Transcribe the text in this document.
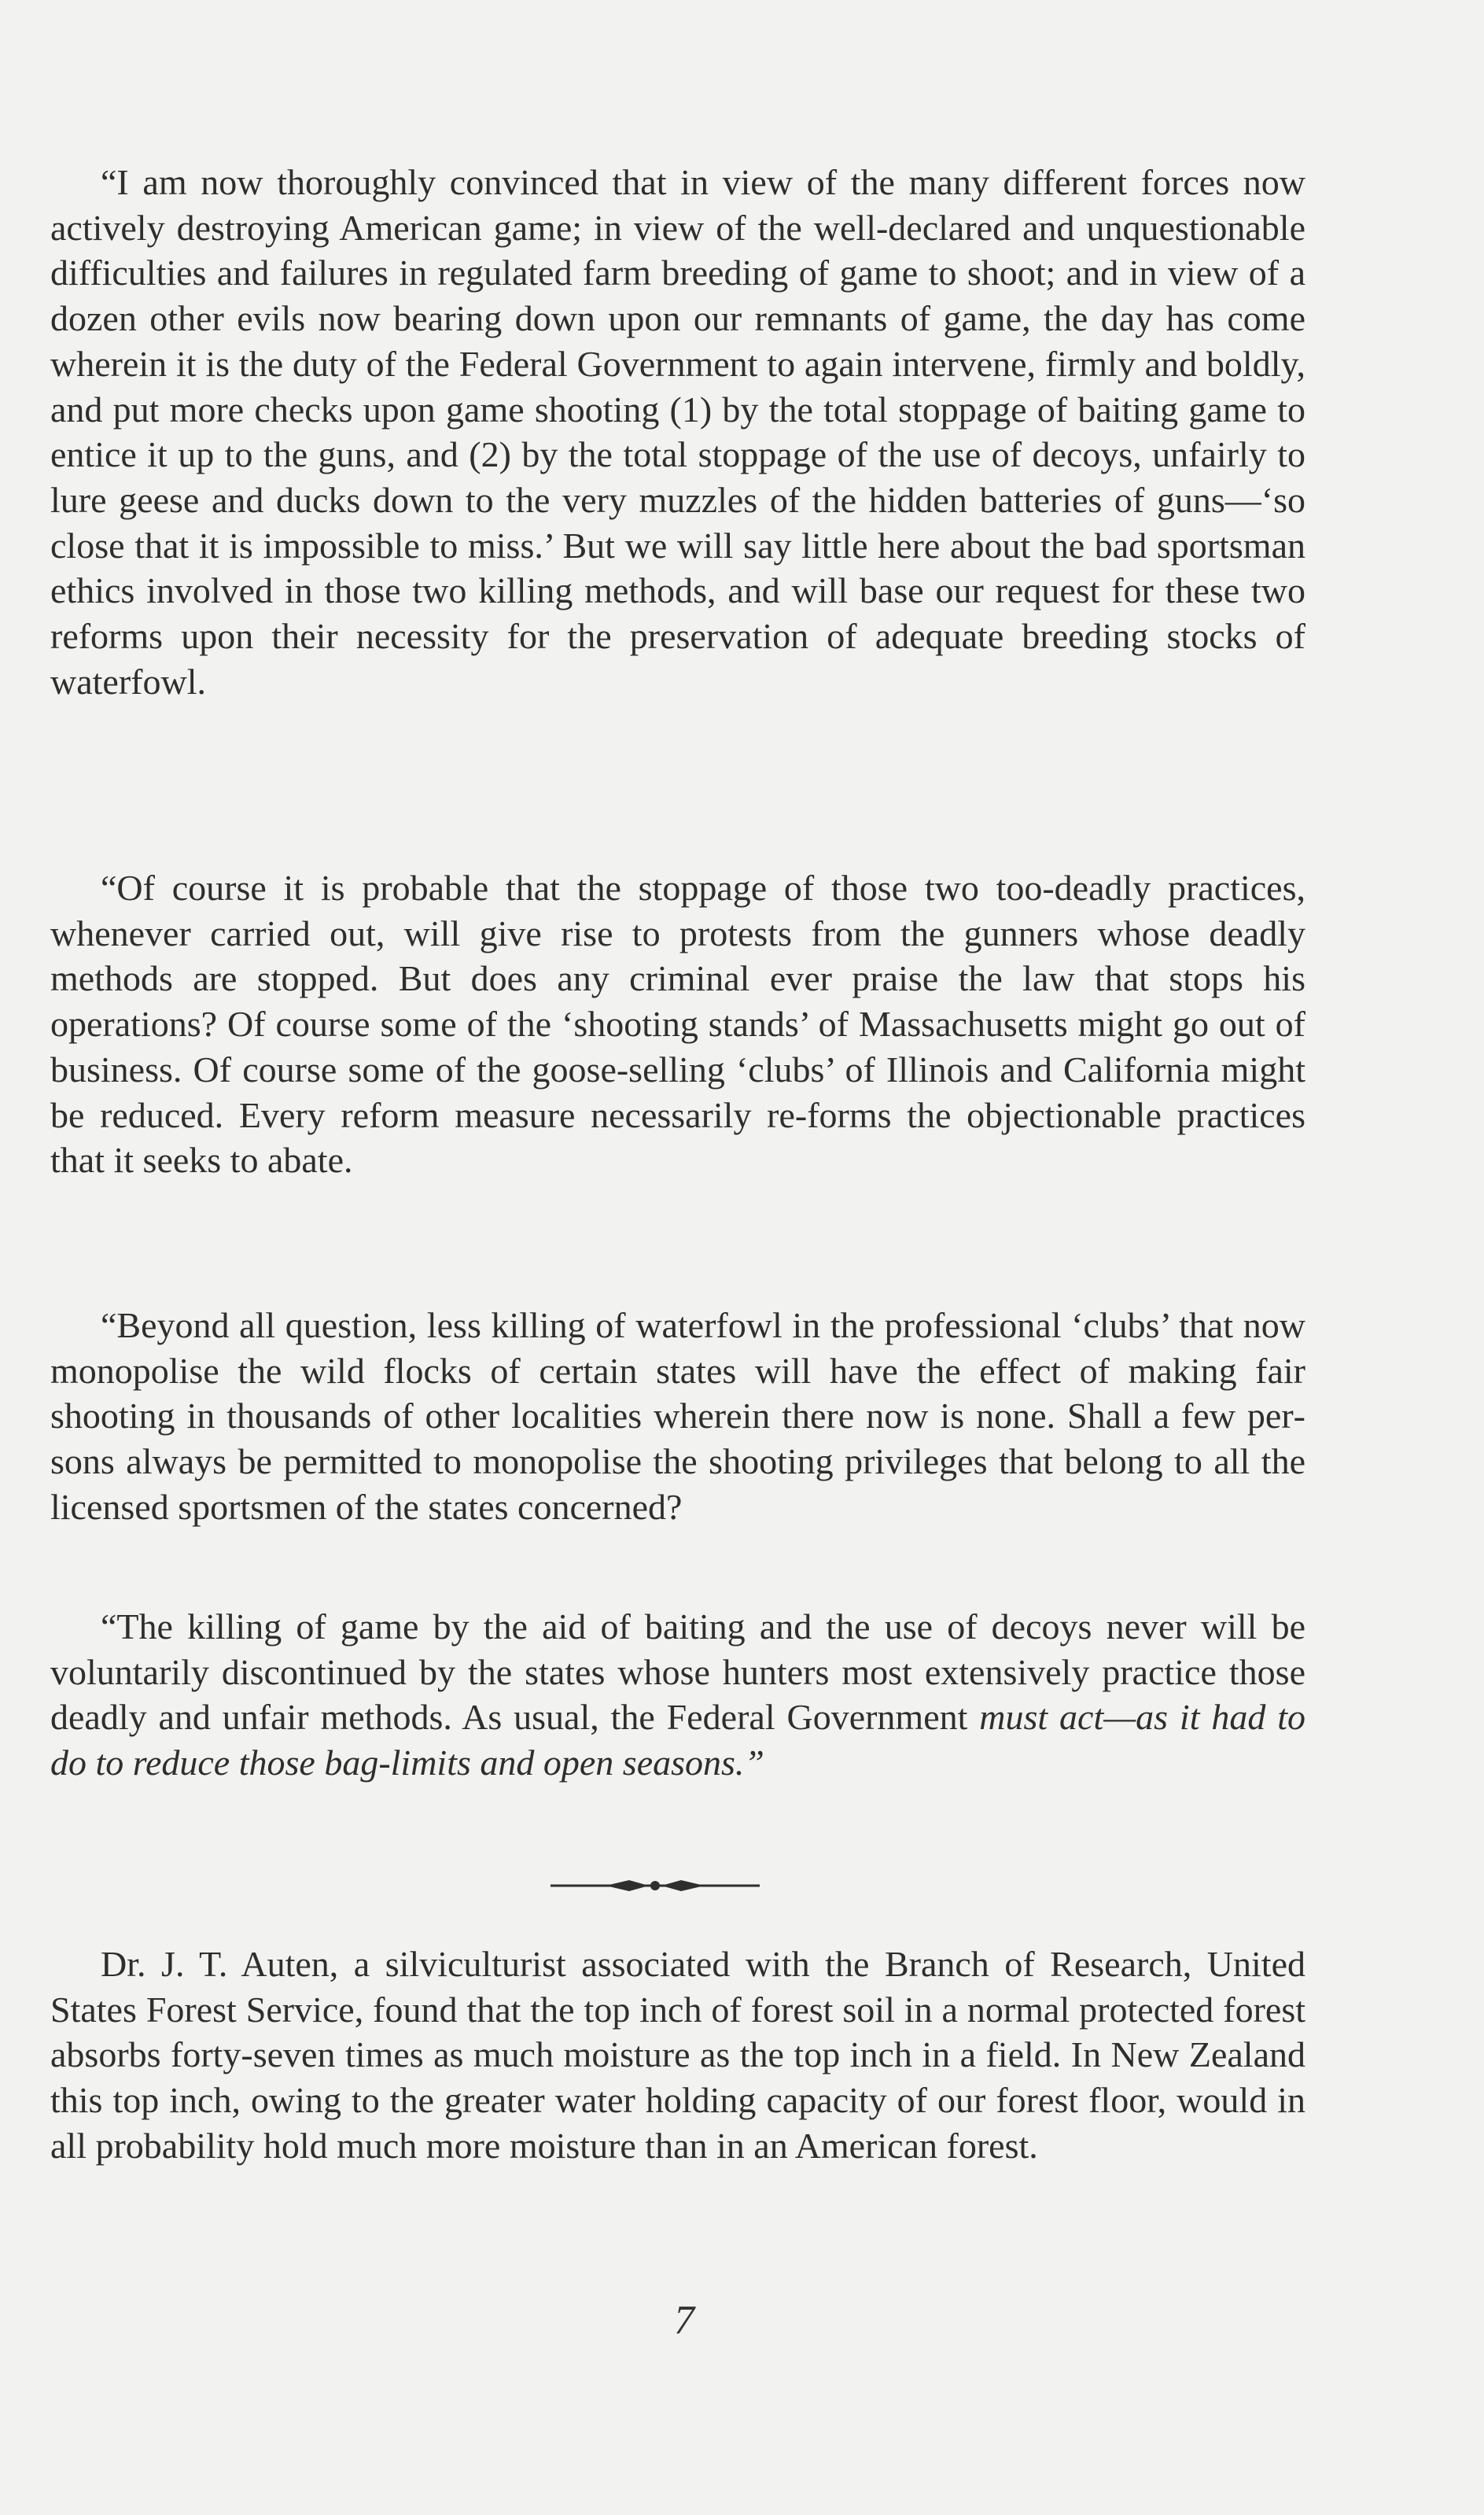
“I am now thoroughly convinced that in view of the many different forces now actively destroying American game; in view of the well-declared and unquestionable difficulties and failures in regulated farm breeding of game to shoot; and in view of a dozen other evils now bearing down upon our remnants of game, the day has come wherein it is the duty of the Federal Government to again intervene, firmly and boldly, and put more checks upon game shooting (1) by the total stoppage of baiting game to entice it up to the guns, and (2) by the total stoppage of the use of decoys, unfairly to lure geese and ducks down to the very muzzles of the hidden batteries of guns—‘so close that it is impossible to miss.’ But we will say little here about the bad sportsman ethics involved in those two killing methods, and will base our request for these two reforms upon their necessity for the preservation of adequate breeding stocks of waterfowl.

“Of course it is probable that the stoppage of those two too-deadly practices, whenever carried out, will give rise to protests from the gunners whose deadly methods are stopped. But does any criminal ever praise the law that stops his operations? Of course some of the ‘shooting stands’ of Massachusetts might go out of business. Of course some of the goose-selling ‘clubs’ of Illinois and California might be reduced. Every reform measure necessarily re-forms the objectionable practices that it seeks to abate.

“Beyond all question, less killing of waterfowl in the professional ‘clubs’ that now monopolise the wild flocks of certain states will have the effect of making fair shooting in thousands of other localities wherein there now is none. Shall a few persons always be permitted to monopolise the shooting privileges that belong to all the licensed sportsmen of the states concerned?

“The killing of game by the aid of baiting and the use of decoys never will be voluntarily discontinued by the states whose hunters most extensively practice those deadly and unfair methods. As usual, the Federal Government must act—as it had to do to reduce those bag-limits and open seasons.”

Dr. J. T. Auten, a silviculturist associated with the Branch of Research, United States Forest Service, found that the top inch of forest soil in a normal protected forest absorbs forty-seven times as much moisture as the top inch in a field. In New Zealand this top inch, owing to the greater water holding capacity of our forest floor, would in all probability hold much more moisture than in an American forest.

7
